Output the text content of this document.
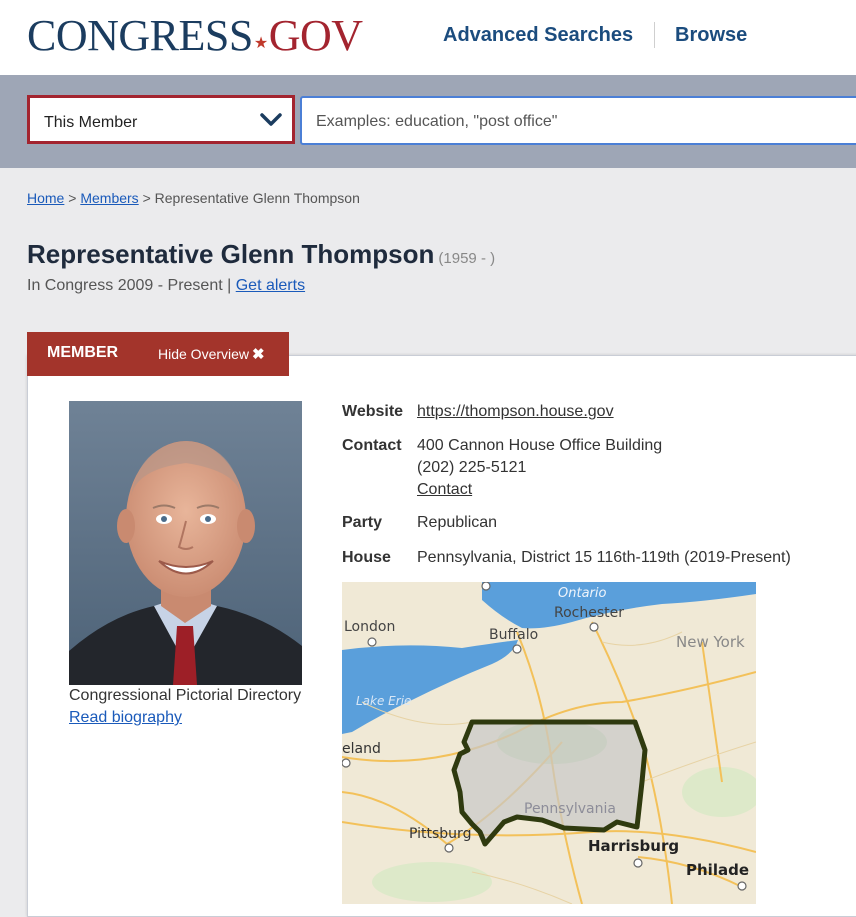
CONGRESS★GOV	Advanced Searches Browse
This Member
Examples: education, "post office"
Home > Members > Representative Glenn Thompson
Representative Glenn Thompson (1959 - )
In Congress 2009 - Present | Get alerts
MEMBER	Hide Overview ✖
Congressional Pictorial Directory
Read biography
Website https://thompson.house.gov
Contact 400 Cannon House Office Building
(202) 225-5121
Contact
Party Republican
House Pennsylvania, District 15 116th-119th (2019-Present)
Ontario
Rochester
London	Buffalo	New York
Lake Erie
eland
Pennsylvania
Pittsburg
Harrisburg
Philade
